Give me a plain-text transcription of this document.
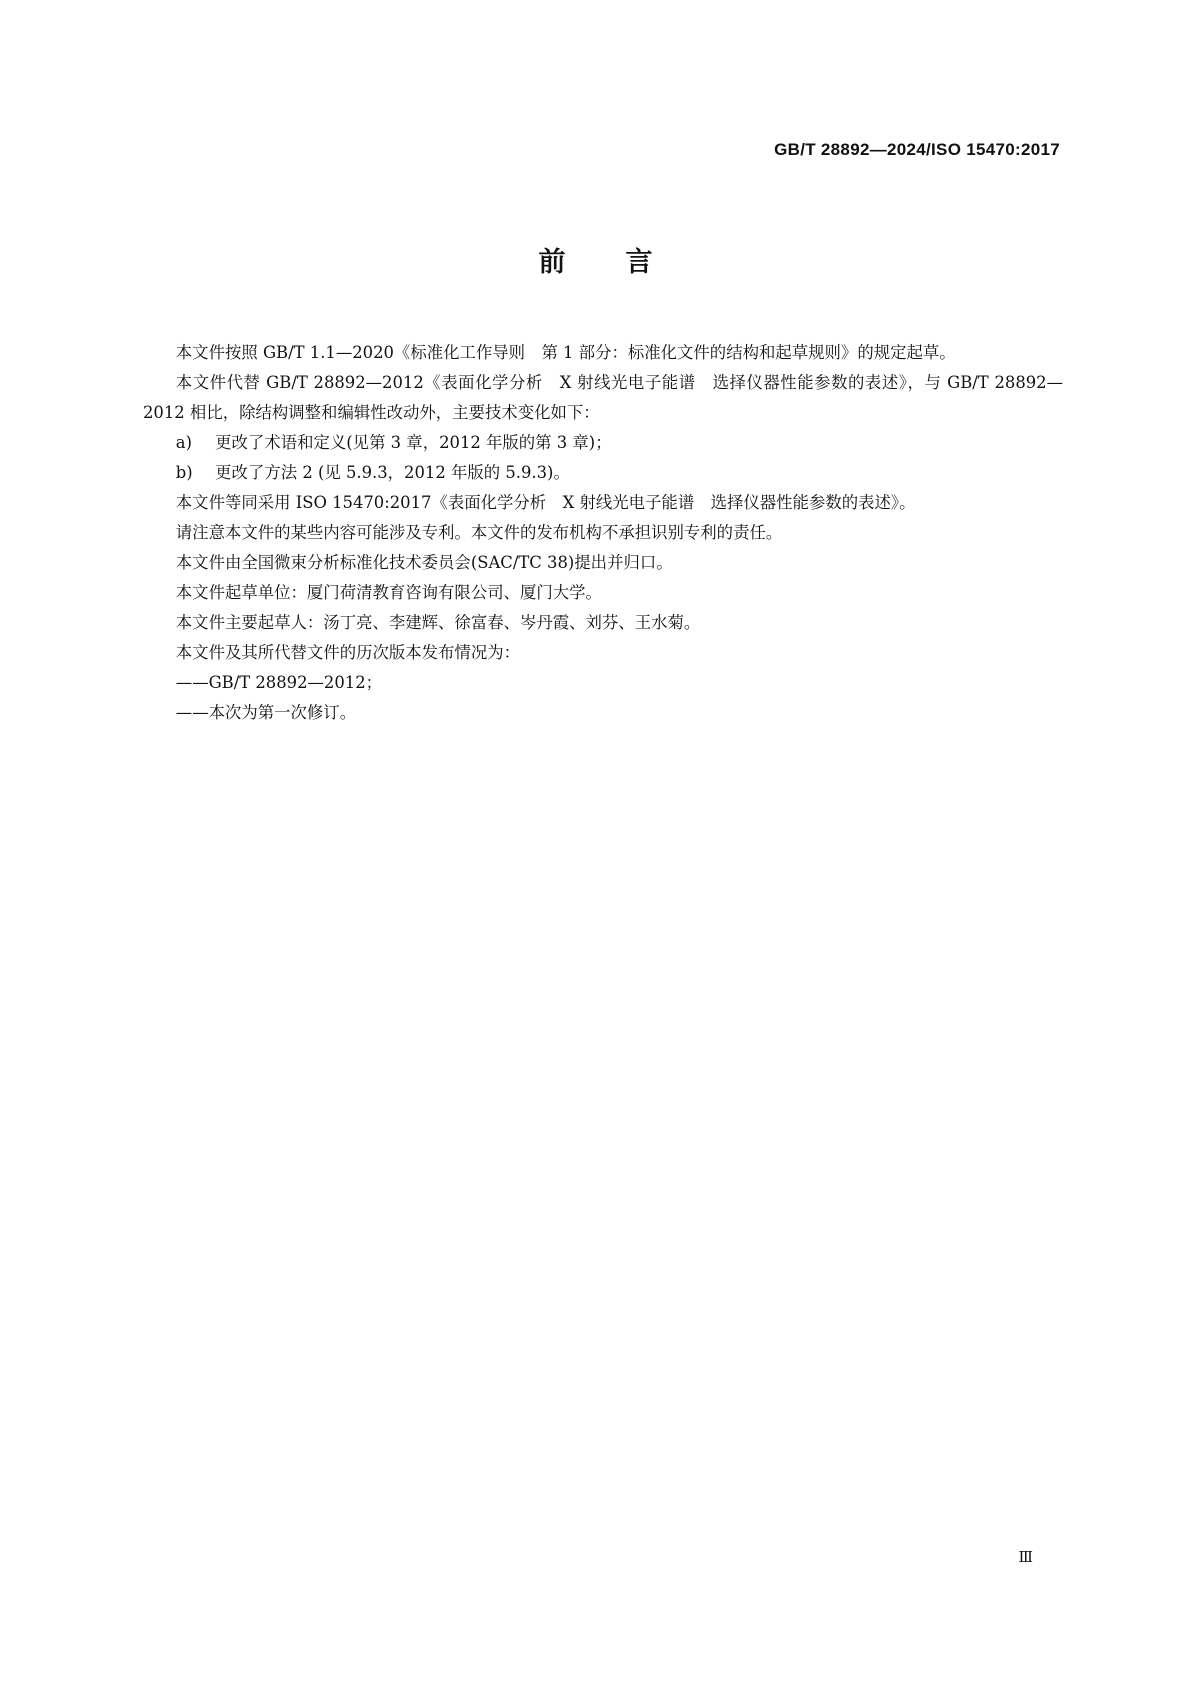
GB/T 28892—2024/ISO 15470:2017
前言

本文件按照 GB/T 1.1—2020《标准化工作导则　第 1 部分：标准化文件的结构和起草规则》的规定起草。

本文件代替 GB/T 28892—2012《表面化学分析　X 射线光电子能谱　选择仪器性能参数的表述》，与 GB/T 28892—2012 相比，除结构调整和编辑性改动外，主要技术变化如下：

a) 更改了术语和定义(见第 3 章，2012 年版的第 3 章)；

b) 更改了方法 2 (见 5.9.3，2012 年版的 5.9.3)。

本文件等同采用 ISO 15470:2017《表面化学分析　X 射线光电子能谱　选择仪器性能参数的表述》。

请注意本文件的某些内容可能涉及专利。本文件的发布机构不承担识别专利的责任。

本文件由全国微束分析标准化技术委员会(SAC/TC 38)提出并归口。

本文件起草单位：厦门荷清教育咨询有限公司、厦门大学。

本文件主要起草人：汤丁亮、李建辉、徐富春、岑丹霞、刘芬、王水菊。

本文件及其所代替文件的历次版本发布情况为：

——GB/T 28892—2012；

——本次为第一次修订。

Ⅲ
